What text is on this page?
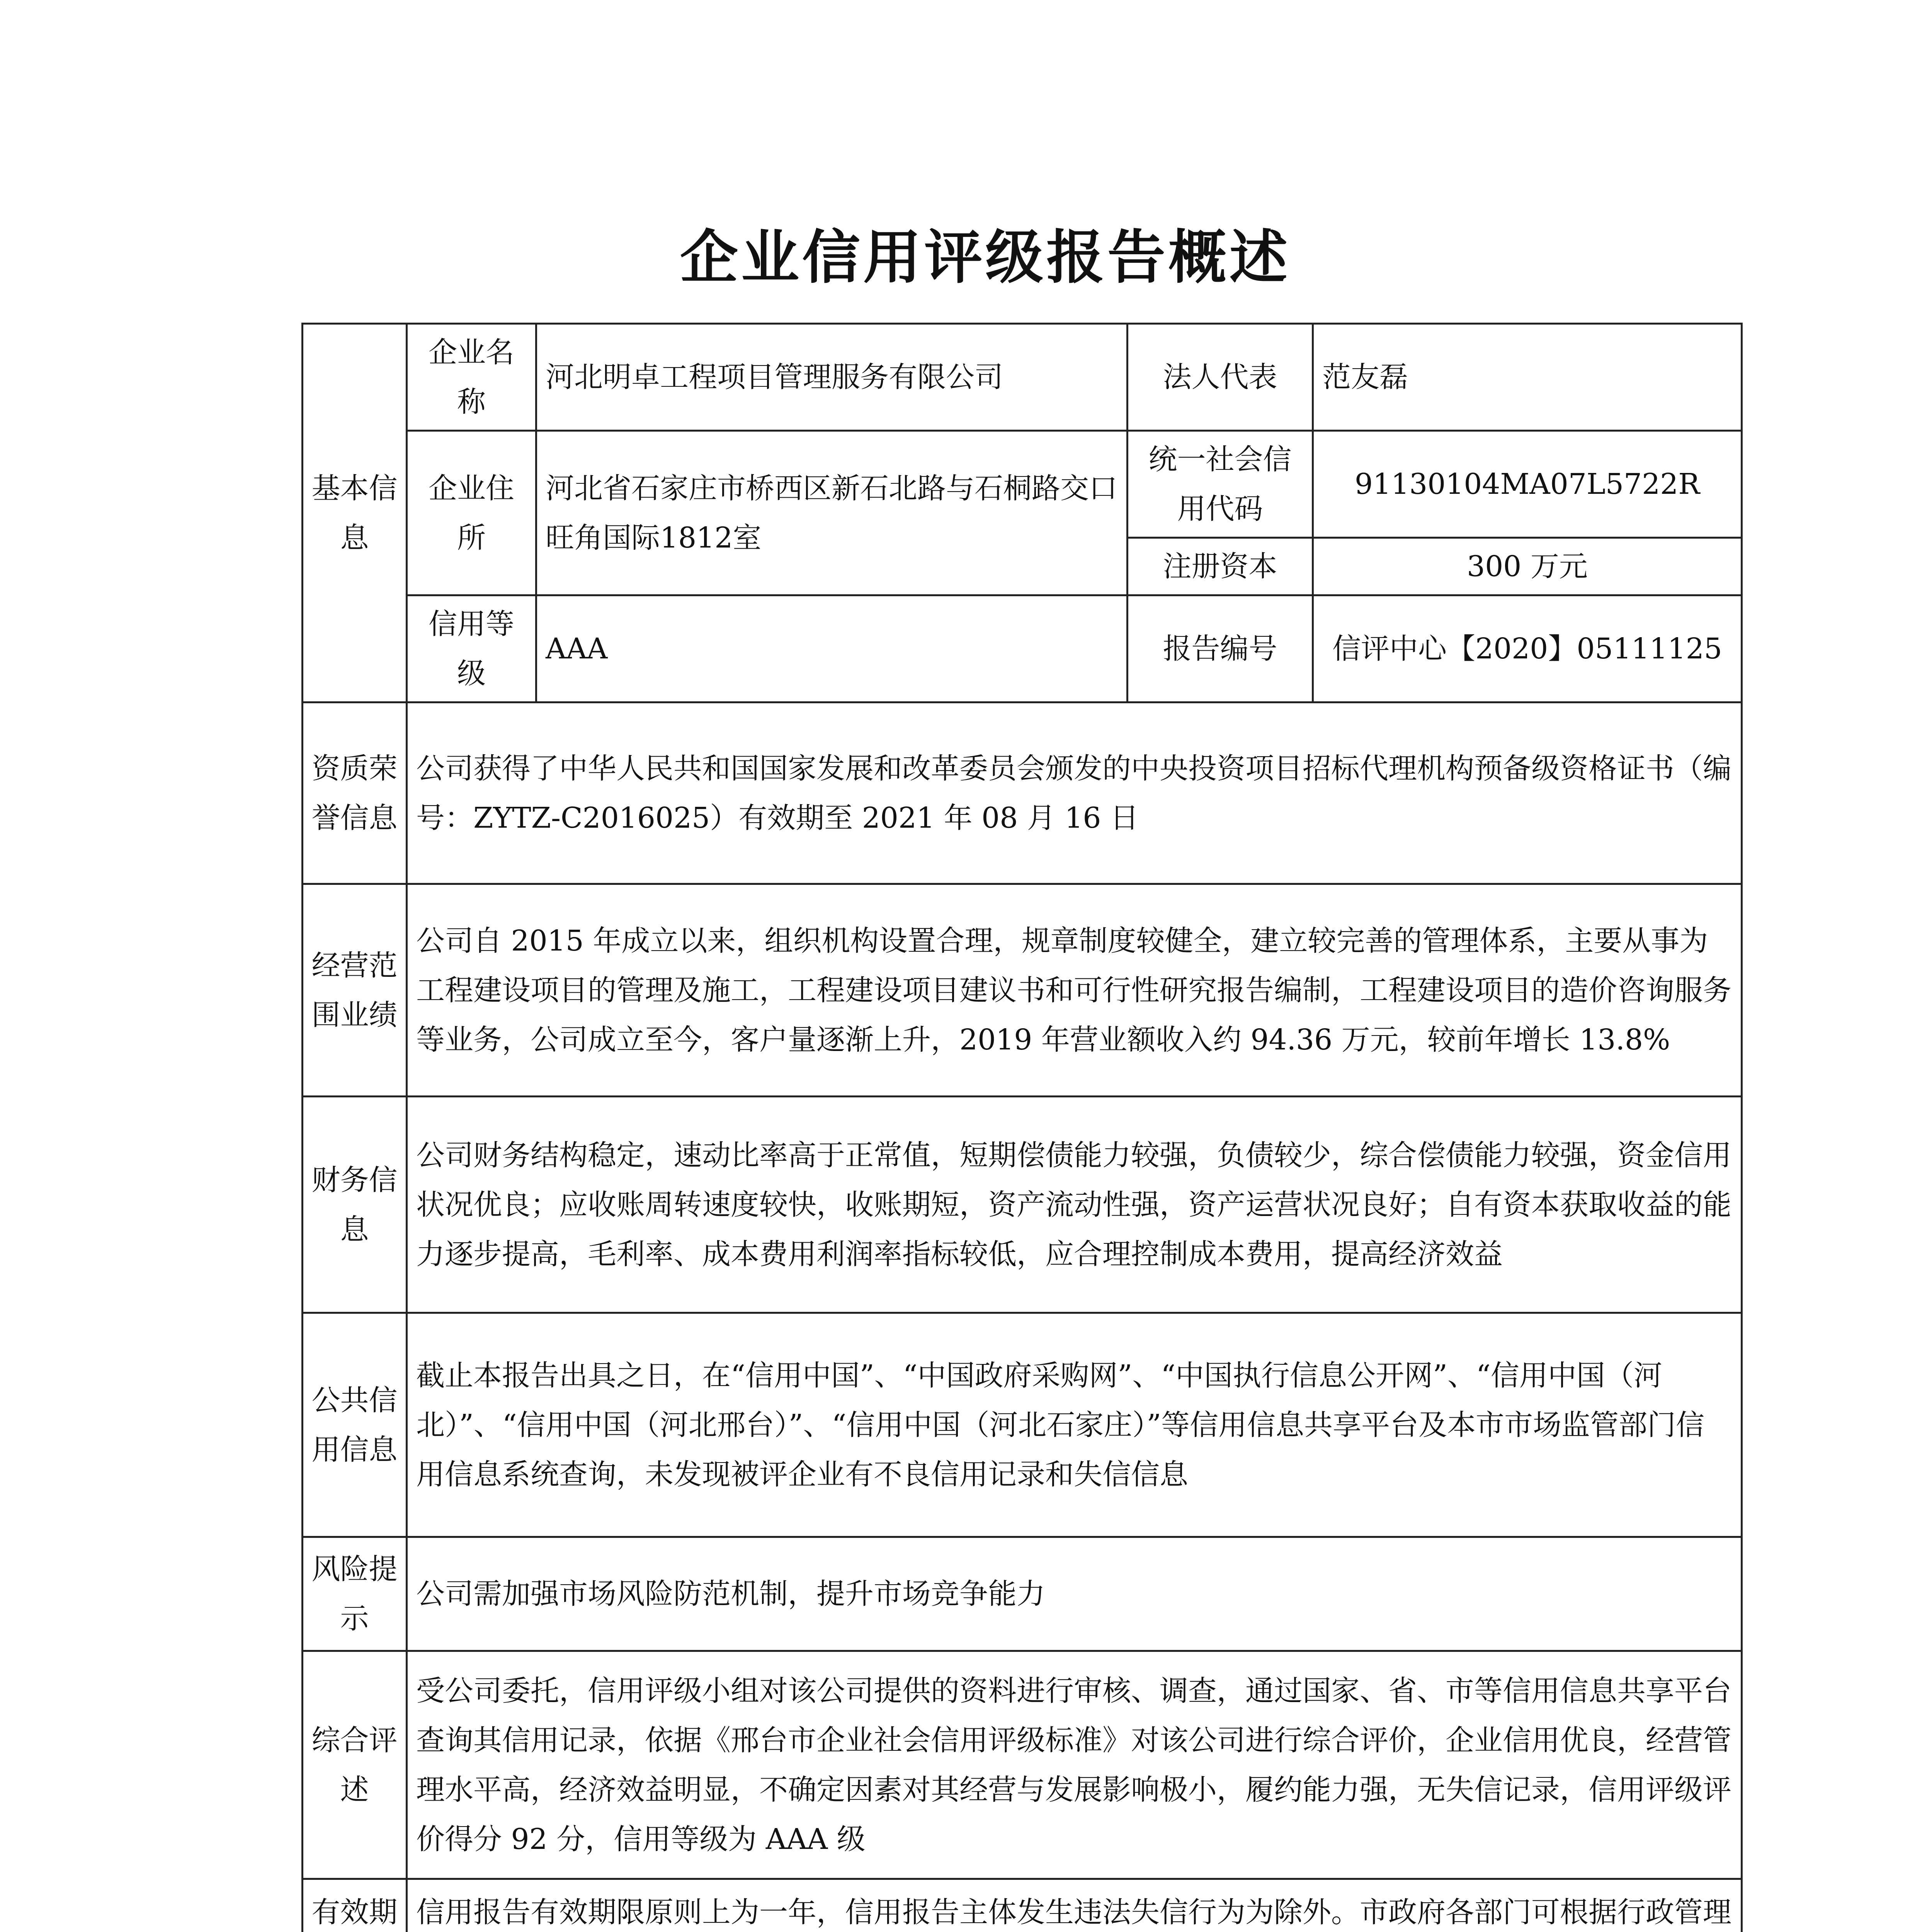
企业信用评级报告概述
基本信息	企业名称	河北明卓工程项目管理服务有限公司	法人代表	范友磊
	企业住所	河北省石家庄市桥西区新石北路与石桐路交口旺角国际1812室	统一社会信用代码	91130104MA07L5722R
			注册资本	300 万元
	信用等级	AAA	报告编号	信评中心【2020】05111125
资质荣誉信息	公司获得了中华人民共和国国家发展和改革委员会颁发的中央投资项目招标代理机构预备级资格证书（编号：ZYTZ-C2016025）有效期至 2021 年 08 月 16 日			
经营范围业绩	公司自 2015 年成立以来，组织机构设置合理，规章制度较健全，建立较完善的管理体系，主要从事为工程建设项目的管理及施工，工程建设项目建议书和可行性研究报告编制，工程建设项目的造价咨询服务等业务，公司成立至今，客户量逐渐上升，2019 年营业额收入约 94.36 万元，较前年增长 13.8%			
财务信息	公司财务结构稳定，速动比率高于正常值，短期偿债能力较强，负债较少，综合偿债能力较强，资金信用状况优良；应收账周转速度较快，收账期短，资产流动性强，资产运营状况良好；自有资本获取收益的能力逐步提高，毛利率、成本费用利润率指标较低，应合理控制成本费用，提高经济效益			
公共信用信息	截止本报告出具之日，在“信用中国”、“中国政府采购网”、“中国执行信息公开网”、“信用中国（河北）”、“信用中国（河北邢台）”、“信用中国（河北石家庄）”等信用信息共享平台及本市市场监管部门信用信息系统查询，未发现被评企业有不良信用记录和失信信息			
风险提示	公司需加强市场风险防范机制，提升市场竞争能力			
综合评述	受公司委托，信用评级小组对该公司提供的资料进行审核、调查，通过国家、省、市等信用信息共享平台查询其信用记录，依据《邢台市企业社会信用评级标准》对该公司进行综合评价，企业信用优良，经营管理水平高，经济效益明显，不确定因素对其经营与发展影响极小，履约能力强，无失信记录，信用评级评价得分 92 分，信用等级为 AAA 级			
有效期	信用报告有效期限原则上为一年，信用报告主体发生违法失信行为为除外。市政府各部门可根据行政管理			
